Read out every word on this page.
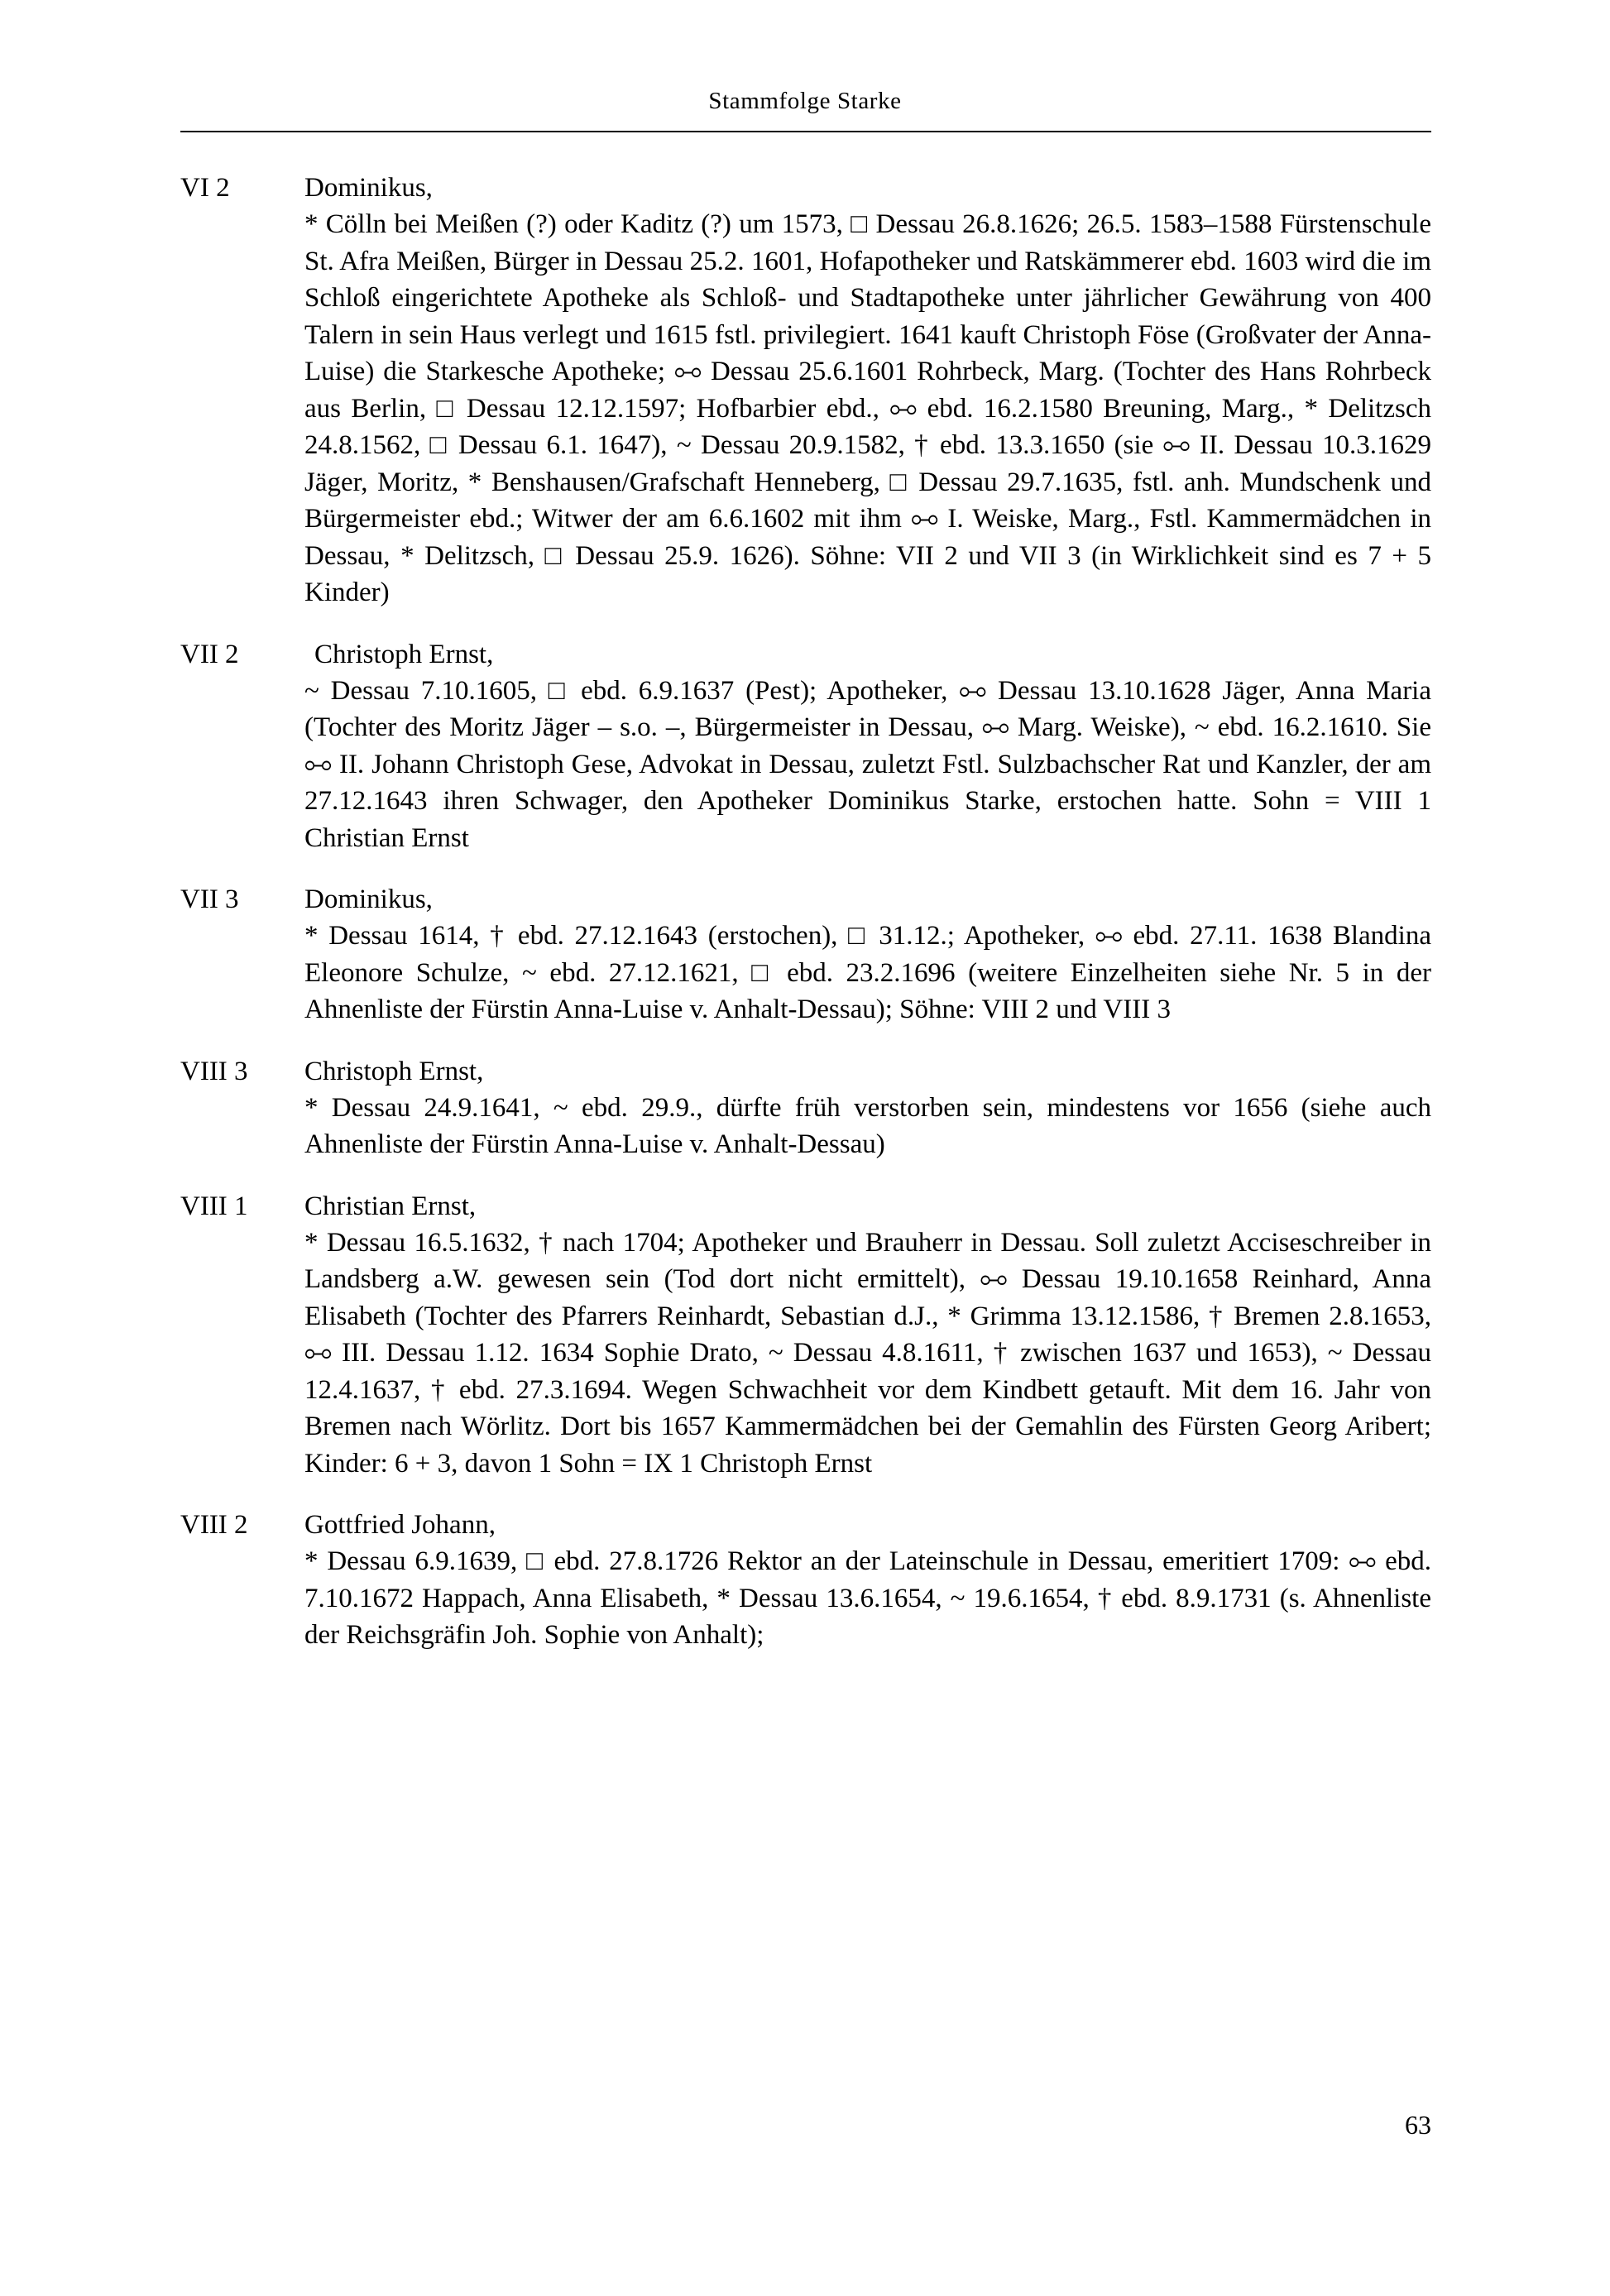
Stammfolge Starke
VI 2	Dominikus,
* Cölln bei Meißen (?) oder Kaditz (?) um 1573, □ Dessau 26.8.1626; 26.5. 1583–1588 Fürstenschule St. Afra Meißen, Bürger in Dessau 25.2. 1601, Hofapotheker und Ratskämmerer ebd. 1603 wird die im Schloß eingerichtete Apotheke als Schloß- und Stadtapotheke unter jährlicher Gewährung von 400 Talern in sein Haus verlegt und 1615 fstl. privilegiert. 1641 kauft Christoph Föse (Großvater der Anna-Luise) die Starkesche Apotheke; ⧟ Dessau 25.6.1601 Rohrbeck, Marg. (Tochter des Hans Rohrbeck aus Berlin, □ Dessau 12.12.1597; Hofbarbier ebd., ⧟ ebd. 16.2.1580 Breuning, Marg., * Delitzsch 24.8.1562, □ Dessau 6.1. 1647), ~ Dessau 20.9.1582, † ebd. 13.3.1650 (sie ⧟ II. Dessau 10.3.1629 Jäger, Moritz, * Benshausen/Grafschaft Henneberg, □ Dessau 29.7.1635, fstl. anh. Mundschenk und Bürgermeister ebd.; Witwer der am 6.6.1602 mit ihm ⧟ I. Weiske, Marg., Fstl. Kammermädchen in Dessau, * Delitzsch, □ Dessau 25.9. 1626). Söhne: VII 2 und VII 3 (in Wirklichkeit sind es 7 + 5 Kinder)
VII 2	Christoph Ernst,
~ Dessau 7.10.1605, □ ebd. 6.9.1637 (Pest); Apotheker, ⧟ Dessau 13.10.1628 Jäger, Anna Maria (Tochter des Moritz Jäger – s.o. –, Bürgermeister in Dessau, ⧟ Marg. Weiske), ~ ebd. 16.2.1610. Sie ⧟ II. Johann Christoph Gese, Advokat in Dessau, zuletzt Fstl. Sulzbachscher Rat und Kanzler, der am 27.12.1643 ihren Schwager, den Apotheker Dominikus Starke, erstochen hatte. Sohn = VIII 1 Christian Ernst
VII 3	Dominikus,
* Dessau 1614, † ebd. 27.12.1643 (erstochen), □ 31.12.; Apotheker, ⧟ ebd. 27.11. 1638 Blandina Eleonore Schulze, ~ ebd. 27.12.1621, □ ebd. 23.2.1696 (weitere Einzelheiten siehe Nr. 5 in der Ahnenliste der Fürstin Anna-Luise v. Anhalt-Dessau); Söhne: VIII 2 und VIII 3
VIII 3	Christoph Ernst,
* Dessau 24.9.1641, ~ ebd. 29.9., dürfte früh verstorben sein, mindestens vor 1656 (siehe auch Ahnenliste der Fürstin Anna-Luise v. Anhalt-Dessau)
VIII 1	Christian Ernst,
* Dessau 16.5.1632, † nach 1704; Apotheker und Brauherr in Dessau. Soll zuletzt Acciseschreiber in Landsberg a.W. gewesen sein (Tod dort nicht ermittelt), ⧟ Dessau 19.10.1658 Reinhard, Anna Elisabeth (Tochter des Pfarrers Reinhardt, Sebastian d.J., * Grimma 13.12.1586, † Bremen 2.8.1653, ⧟ III. Dessau 1.12. 1634 Sophie Drato, ~ Dessau 4.8.1611, † zwischen 1637 und 1653), ~ Dessau 12.4.1637, † ebd. 27.3.1694. Wegen Schwachheit vor dem Kindbett getauft. Mit dem 16. Jahr von Bremen nach Wörlitz. Dort bis 1657 Kammermädchen bei der Gemahlin des Fürsten Georg Aribert; Kinder: 6 + 3, davon 1 Sohn = IX 1 Christoph Ernst
VIII 2	Gottfried Johann,
* Dessau 6.9.1639, □ ebd. 27.8.1726 Rektor an der Lateinschule in Dessau, emeritiert 1709: ⧟ ebd. 7.10.1672 Happach, Anna Elisabeth, * Dessau 13.6.1654, ~ 19.6.1654, † ebd. 8.9.1731 (s. Ahnenliste der Reichsgräfin Joh. Sophie von Anhalt);
63
